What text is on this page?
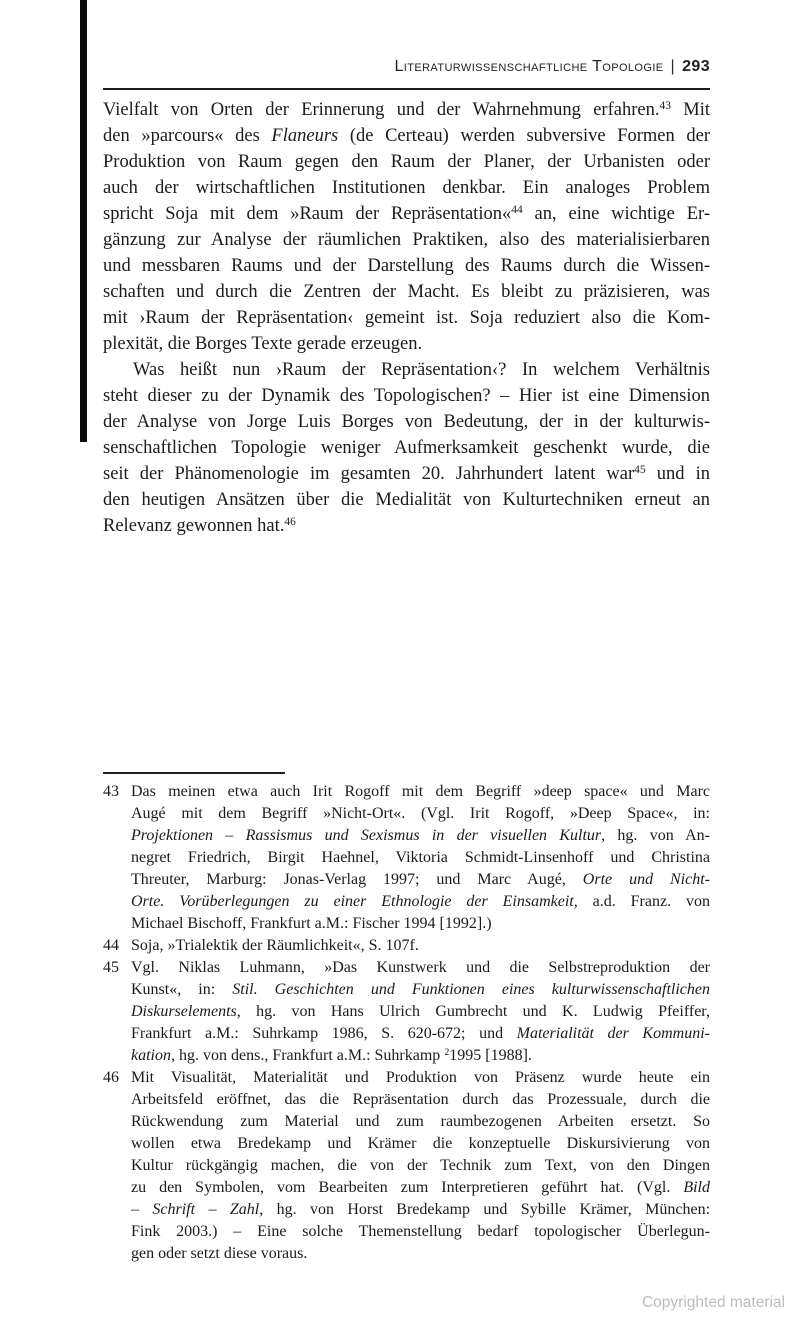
Literaturwissenschaftliche Topologie | 293
Vielfalt von Orten der Erinnerung und der Wahrnehmung erfahren.$^{43}$ Mit
den »parcours« des Flaneurs (de Certeau) werden subversive Formen der
Produktion von Raum gegen den Raum der Planer, der Urbanisten oder
auch der wirtschaftlichen Institutionen denkbar. Ein analoges Problem
spricht Soja mit dem »Raum der Repräsentation«$^{44}$ an, eine wichtige Er-
gänzung zur Analyse der räumlichen Praktiken, also des materialisierbaren
und messbaren Raums und der Darstellung des Raums durch die Wissen-
schaften und durch die Zentren der Macht. Es bleibt zu präzisieren, was
mit ›Raum der Repräsentation‹ gemeint ist. Soja reduziert also die Kom-
plexität, die Borges Texte gerade erzeugen.
Was heißt nun ›Raum der Repräsentation‹? In welchem Verhältnis
steht dieser zu der Dynamik des Topologischen? – Hier ist eine Dimension
der Analyse von Jorge Luis Borges von Bedeutung, der in der kulturwis-
senschaftlichen Topologie weniger Aufmerksamkeit geschenkt wurde, die
seit der Phänomenologie im gesamten 20. Jahrhundert latent war$^{45}$ und in
den heutigen Ansätzen über die Medialität von Kulturtechniken erneut an
Relevanz gewonnen hat.$^{46}$
43 Das meinen etwa auch Irit Rogoff mit dem Begriff »deep space« und Marc
Augé mit dem Begriff »Nicht-Ort«. (Vgl. Irit Rogoff, »Deep Space«, in:
Projektionen – Rassismus und Sexismus in der visuellen Kultur, hg. von An-
negret Friedrich, Birgit Haehnel, Viktoria Schmidt-Linsenhoff und Christina
Threuter, Marburg: Jonas-Verlag 1997; und Marc Augé, Orte und Nicht-
Orte. Vorüberlegungen zu einer Ethnologie der Einsamkeit, a.d. Franz. von
Michael Bischoff, Frankfurt a.M.: Fischer 1994 [1992].)
44 Soja, »Trialektik der Räumlichkeit«, S. 107f.
45 Vgl. Niklas Luhmann, »Das Kunstwerk und die Selbstreproduktion der
Kunst«, in: Stil. Geschichten und Funktionen eines kulturwissenschaftlichen
Diskurselements, hg. von Hans Ulrich Gumbrecht und K. Ludwig Pfeiffer,
Frankfurt a.M.: Suhrkamp 1986, S. 620-672; und Materialität der Kommuni-
kation, hg. von dens., Frankfurt a.M.: Suhrkamp $^2$1995 [1988].
46 Mit Visualität, Materialität und Produktion von Präsenz wurde heute ein
Arbeitsfeld eröffnet, das die Repräsentation durch das Prozessuale, durch die
Rückwendung zum Material und zum raumbezogenen Arbeiten ersetzt. So
wollen etwa Bredekamp und Krämer die konzeptuelle Diskursivierung von
Kultur rückgängig machen, die von der Technik zum Text, von den Dingen
zu den Symbolen, vom Bearbeiten zum Interpretieren geführt hat. (Vgl. Bild
– Schrift – Zahl, hg. von Horst Bredekamp und Sybille Krämer, München:
Fink 2003.) – Eine solche Themenstellung bedarf topologischer Überlegun-
gen oder setzt diese voraus.
Copyrighted material
